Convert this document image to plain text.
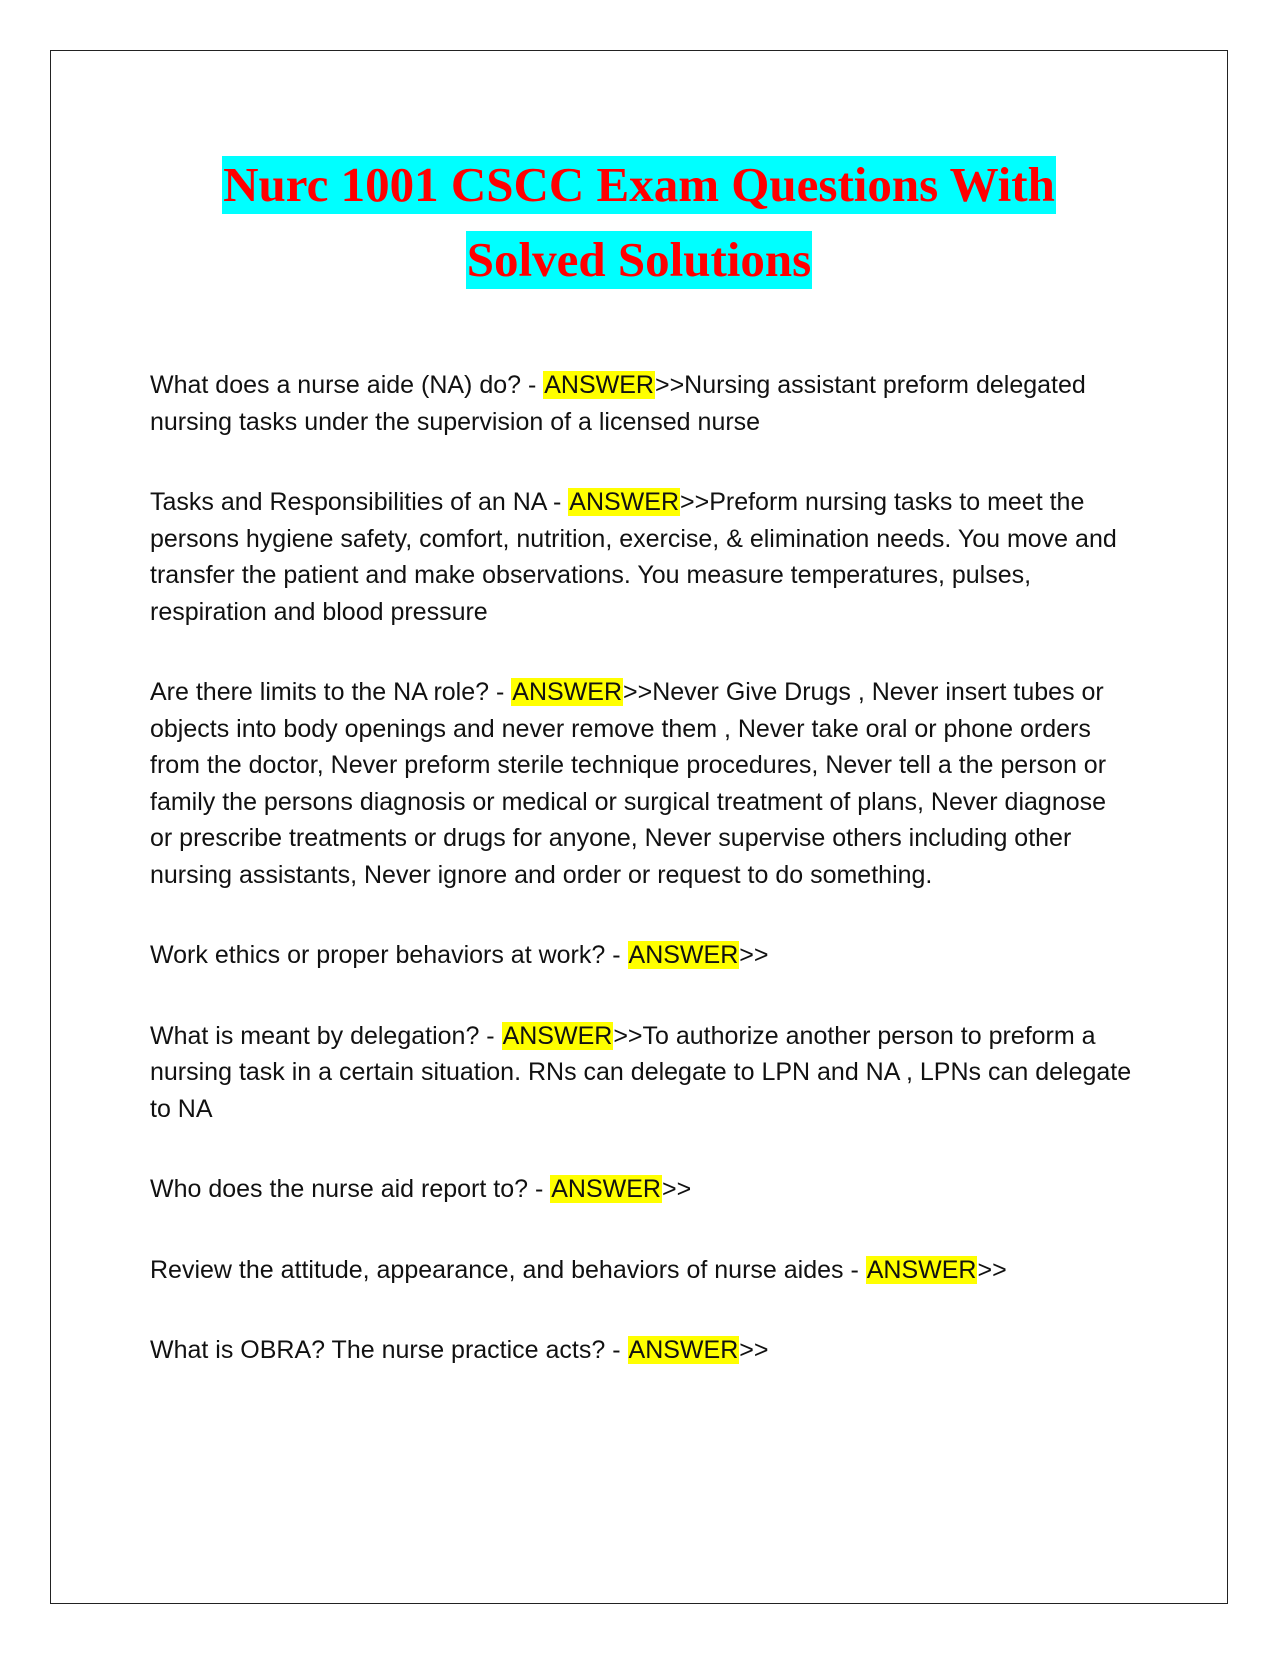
Nurc 1001 CSCC Exam Questions With
Solved Solutions

What does a nurse aide (NA) do? - ANSWER>>Nursing assistant preform delegated nursing tasks under the supervision of a licensed nurse

Tasks and Responsibilities of an NA - ANSWER>>Preform nursing tasks to meet the persons hygiene safety, comfort, nutrition, exercise, & elimination needs. You move and transfer the patient and make observations. You measure temperatures, pulses, respiration and blood pressure

Are there limits to the NA role? - ANSWER>>Never Give Drugs , Never insert tubes or objects into body openings and never remove them , Never take oral or phone orders from the doctor, Never preform sterile technique procedures, Never tell a the person or family the persons diagnosis or medical or surgical treatment of plans, Never diagnose or prescribe treatments or drugs for anyone, Never supervise others including other nursing assistants, Never ignore and order or request to do something.

Work ethics or proper behaviors at work? - ANSWER>>

What is meant by delegation? - ANSWER>>To authorize another person to preform a nursing task in a certain situation. RNs can delegate to LPN and NA , LPNs can delegate to NA

Who does the nurse aid report to? - ANSWER>>

Review the attitude, appearance, and behaviors of nurse aides - ANSWER>>

What is OBRA? The nurse practice acts? - ANSWER>>
